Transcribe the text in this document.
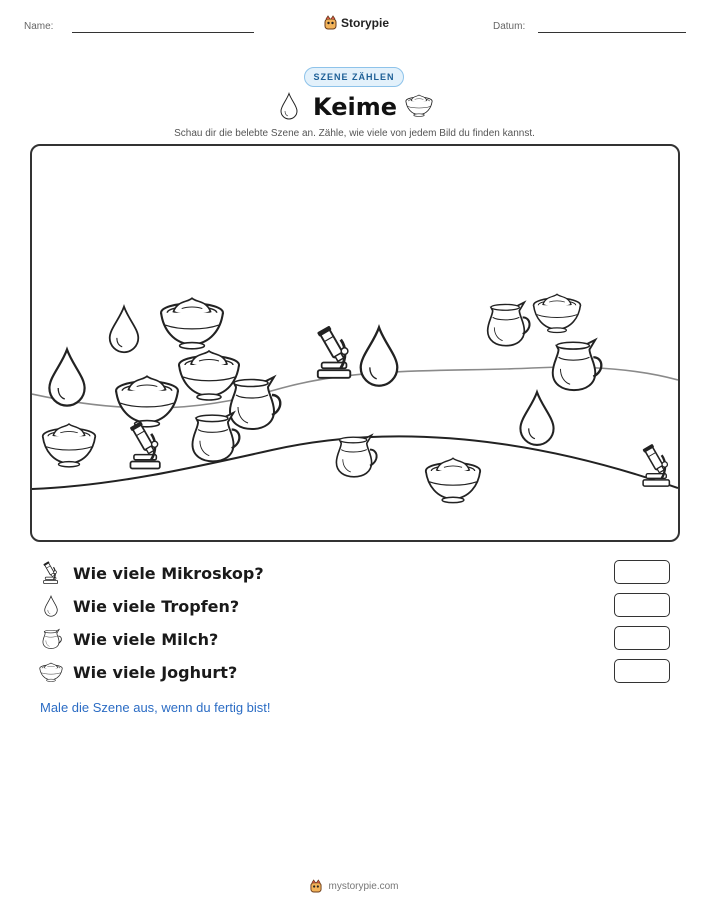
Name:	Storypie	Datum:
SZENE ZÄHLEN
Keime
Schau dir die belebte Szene an. Zähle, wie viele von jedem Bild du finden kannst.
Wie viele Mikroskop?
Wie viele Tropfen?
Wie viele Milch?
Wie viele Joghurt?
Male die Szene aus, wenn du fertig bist!
mystorypie.com
